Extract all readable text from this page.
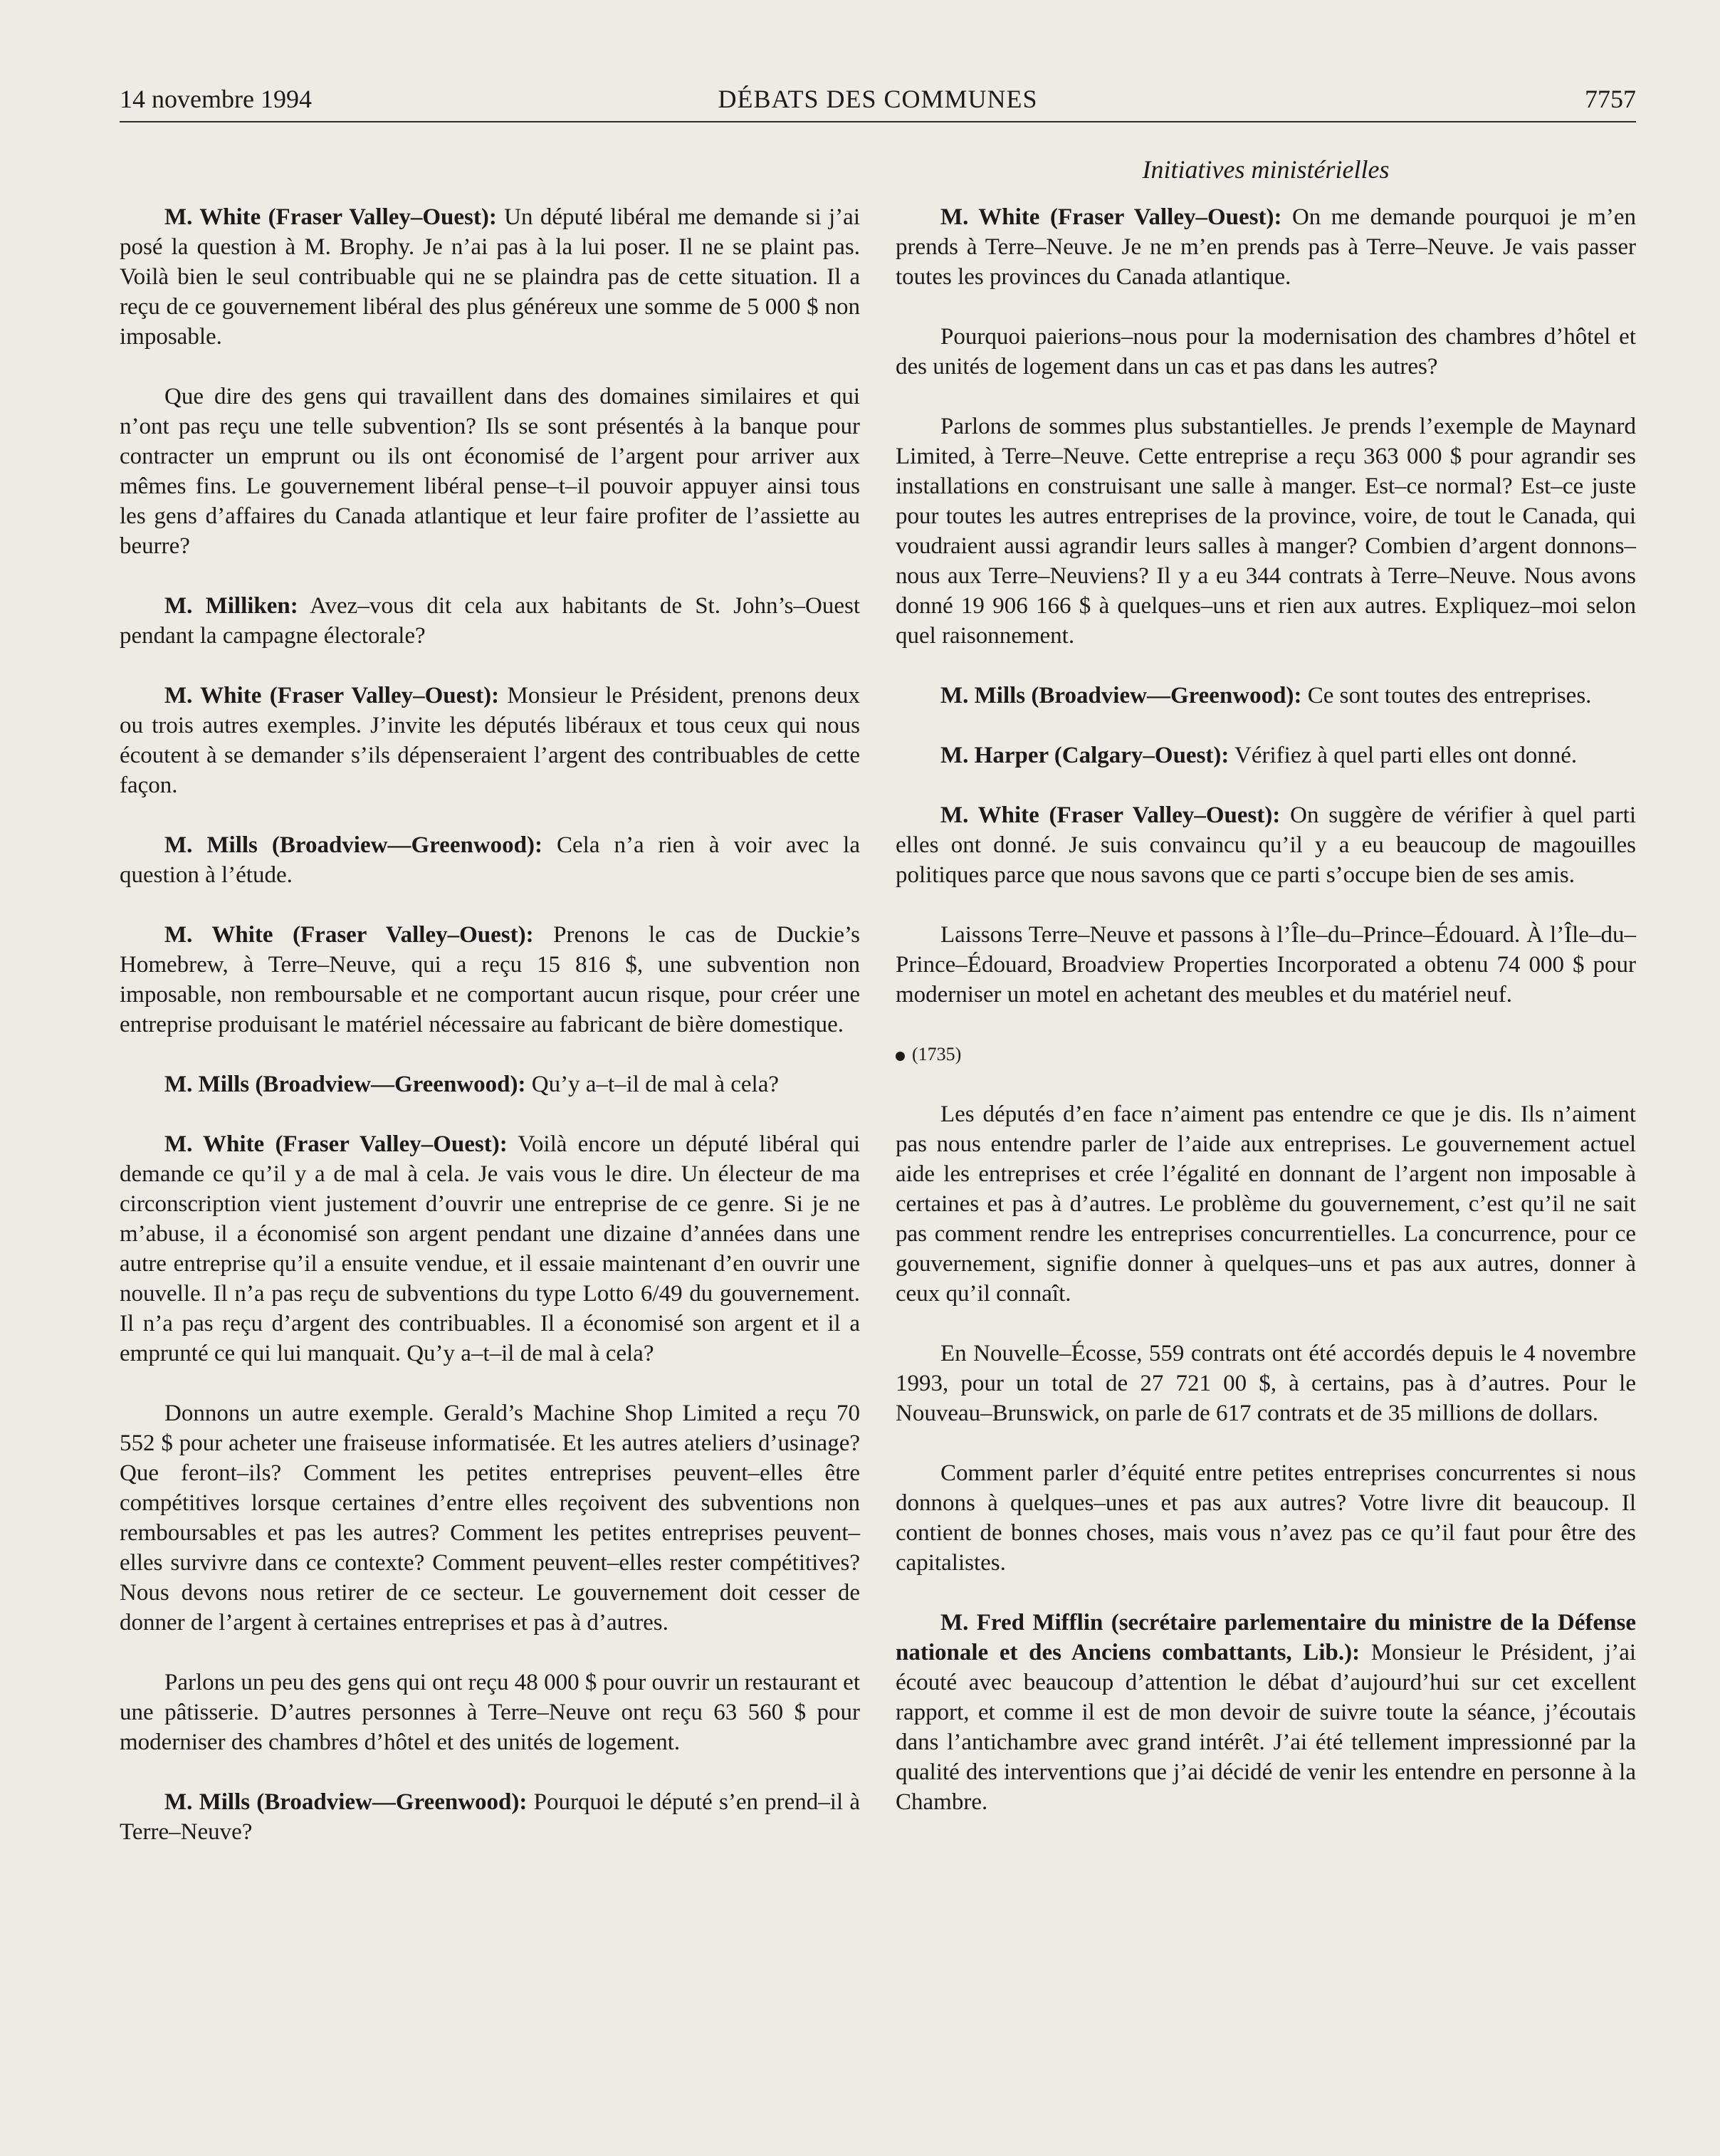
14 novembre 1994	DÉBATS DES COMMUNES	7757
Initiatives ministérielles

M. White (Fraser Valley–Ouest): Un député libéral me demande si j’ai posé la question à M. Brophy. Je n’ai pas à la lui poser. Il ne se plaint pas. Voilà bien le seul contribuable qui ne se plaindra pas de cette situation. Il a reçu de ce gouvernement libéral des plus généreux une somme de 5 000 $ non imposable.

Que dire des gens qui travaillent dans des domaines similaires et qui n’ont pas reçu une telle subvention? Ils se sont présentés à la banque pour contracter un emprunt ou ils ont économisé de l’argent pour arriver aux mêmes fins. Le gouvernement libéral pense–t–il pouvoir appuyer ainsi tous les gens d’affaires du Canada atlantique et leur faire profiter de l’assiette au beurre?

M. Milliken: Avez–vous dit cela aux habitants de St. John’s–Ouest pendant la campagne électorale?

M. White (Fraser Valley–Ouest): Monsieur le Président, prenons deux ou trois autres exemples. J’invite les députés libéraux et tous ceux qui nous écoutent à se demander s’ils dépenseraient l’argent des contribuables de cette façon.

M. Mills (Broadview—Greenwood): Cela n’a rien à voir avec la question à l’étude.

M. White (Fraser Valley–Ouest): Prenons le cas de Duckie’s Homebrew, à Terre–Neuve, qui a reçu 15 816 $, une subvention non imposable, non remboursable et ne comportant aucun risque, pour créer une entreprise produisant le matériel nécessaire au fabricant de bière domestique.

M. Mills (Broadview—Greenwood): Qu’y a–t–il de mal à cela?

M. White (Fraser Valley–Ouest): Voilà encore un député libéral qui demande ce qu’il y a de mal à cela. Je vais vous le dire. Un électeur de ma circonscription vient justement d’ouvrir une entreprise de ce genre. Si je ne m’abuse, il a économisé son argent pendant une dizaine d’années dans une autre entreprise qu’il a ensuite vendue, et il essaie maintenant d’en ouvrir une nouvelle. Il n’a pas reçu de subventions du type Lotto 6/49 du gouvernement. Il n’a pas reçu d’argent des contribuables. Il a économisé son argent et il a emprunté ce qui lui manquait. Qu’y a–t–il de mal à cela?

Donnons un autre exemple. Gerald’s Machine Shop Limited a reçu 70 552 $ pour acheter une fraiseuse informatisée. Et les autres ateliers d’usinage? Que feront–ils? Comment les petites entreprises peuvent–elles être compétitives lorsque certaines d’entre elles reçoivent des subventions non remboursables et pas les autres? Comment les petites entreprises peuvent–elles survivre dans ce contexte? Comment peuvent–elles rester compétitives? Nous devons nous retirer de ce secteur. Le gouvernement doit cesser de donner de l’argent à certaines entreprises et pas à d’autres.

Parlons un peu des gens qui ont reçu 48 000 $ pour ouvrir un restaurant et une pâtisserie. D’autres personnes à Terre–Neuve ont reçu 63 560 $ pour moderniser des chambres d’hôtel et des unités de logement.

M. Mills (Broadview—Greenwood): Pourquoi le député s’en prend–il à Terre–Neuve?

M. White (Fraser Valley–Ouest): On me demande pourquoi je m’en prends à Terre–Neuve. Je ne m’en prends pas à Terre–Neuve. Je vais passer toutes les provinces du Canada atlantique.

Pourquoi paierions–nous pour la modernisation des chambres d’hôtel et des unités de logement dans un cas et pas dans les autres?

Parlons de sommes plus substantielles. Je prends l’exemple de Maynard Limited, à Terre–Neuve. Cette entreprise a reçu 363 000 $ pour agrandir ses installations en construisant une salle à manger. Est–ce normal? Est–ce juste pour toutes les autres entreprises de la province, voire, de tout le Canada, qui voudraient aussi agrandir leurs salles à manger? Combien d’argent donnons–nous aux Terre–Neuviens? Il y a eu 344 contrats à Terre–Neuve. Nous avons donné 19 906 166 $ à quelques–uns et rien aux autres. Expliquez–moi selon quel raisonnement.

M. Mills (Broadview—Greenwood): Ce sont toutes des entreprises.

M. Harper (Calgary–Ouest): Vérifiez à quel parti elles ont donné.

M. White (Fraser Valley–Ouest): On suggère de vérifier à quel parti elles ont donné. Je suis convaincu qu’il y a eu beaucoup de magouilles politiques parce que nous savons que ce parti s’occupe bien de ses amis.

Laissons Terre–Neuve et passons à l’Île–du–Prince–Édouard. À l’Île–du–Prince–Édouard, Broadview Properties Incorporated a obtenu 74 000 $ pour moderniser un motel en achetant des meubles et du matériel neuf.

(1735)

Les députés d’en face n’aiment pas entendre ce que je dis. Ils n’aiment pas nous entendre parler de l’aide aux entreprises. Le gouvernement actuel aide les entreprises et crée l’égalité en donnant de l’argent non imposable à certaines et pas à d’autres. Le problème du gouvernement, c’est qu’il ne sait pas comment rendre les entreprises concurrentielles. La concurrence, pour ce gouvernement, signifie donner à quelques–uns et pas aux autres, donner à ceux qu’il connaît.

En Nouvelle–Écosse, 559 contrats ont été accordés depuis le 4 novembre 1993, pour un total de 27 721 00 $, à certains, pas à d’autres. Pour le Nouveau–Brunswick, on parle de 617 contrats et de 35 millions de dollars.

Comment parler d’équité entre petites entreprises concurrentes si nous donnons à quelques–unes et pas aux autres? Votre livre dit beaucoup. Il contient de bonnes choses, mais vous n’avez pas ce qu’il faut pour être des capitalistes.

M. Fred Mifflin (secrétaire parlementaire du ministre de la Défense nationale et des Anciens combattants, Lib.): Monsieur le Président, j’ai écouté avec beaucoup d’attention le débat d’aujourd’hui sur cet excellent rapport, et comme il est de mon devoir de suivre toute la séance, j’écoutais dans l’antichambre avec grand intérêt. J’ai été tellement impressionné par la qualité des interventions que j’ai décidé de venir les entendre en personne à la Chambre.
